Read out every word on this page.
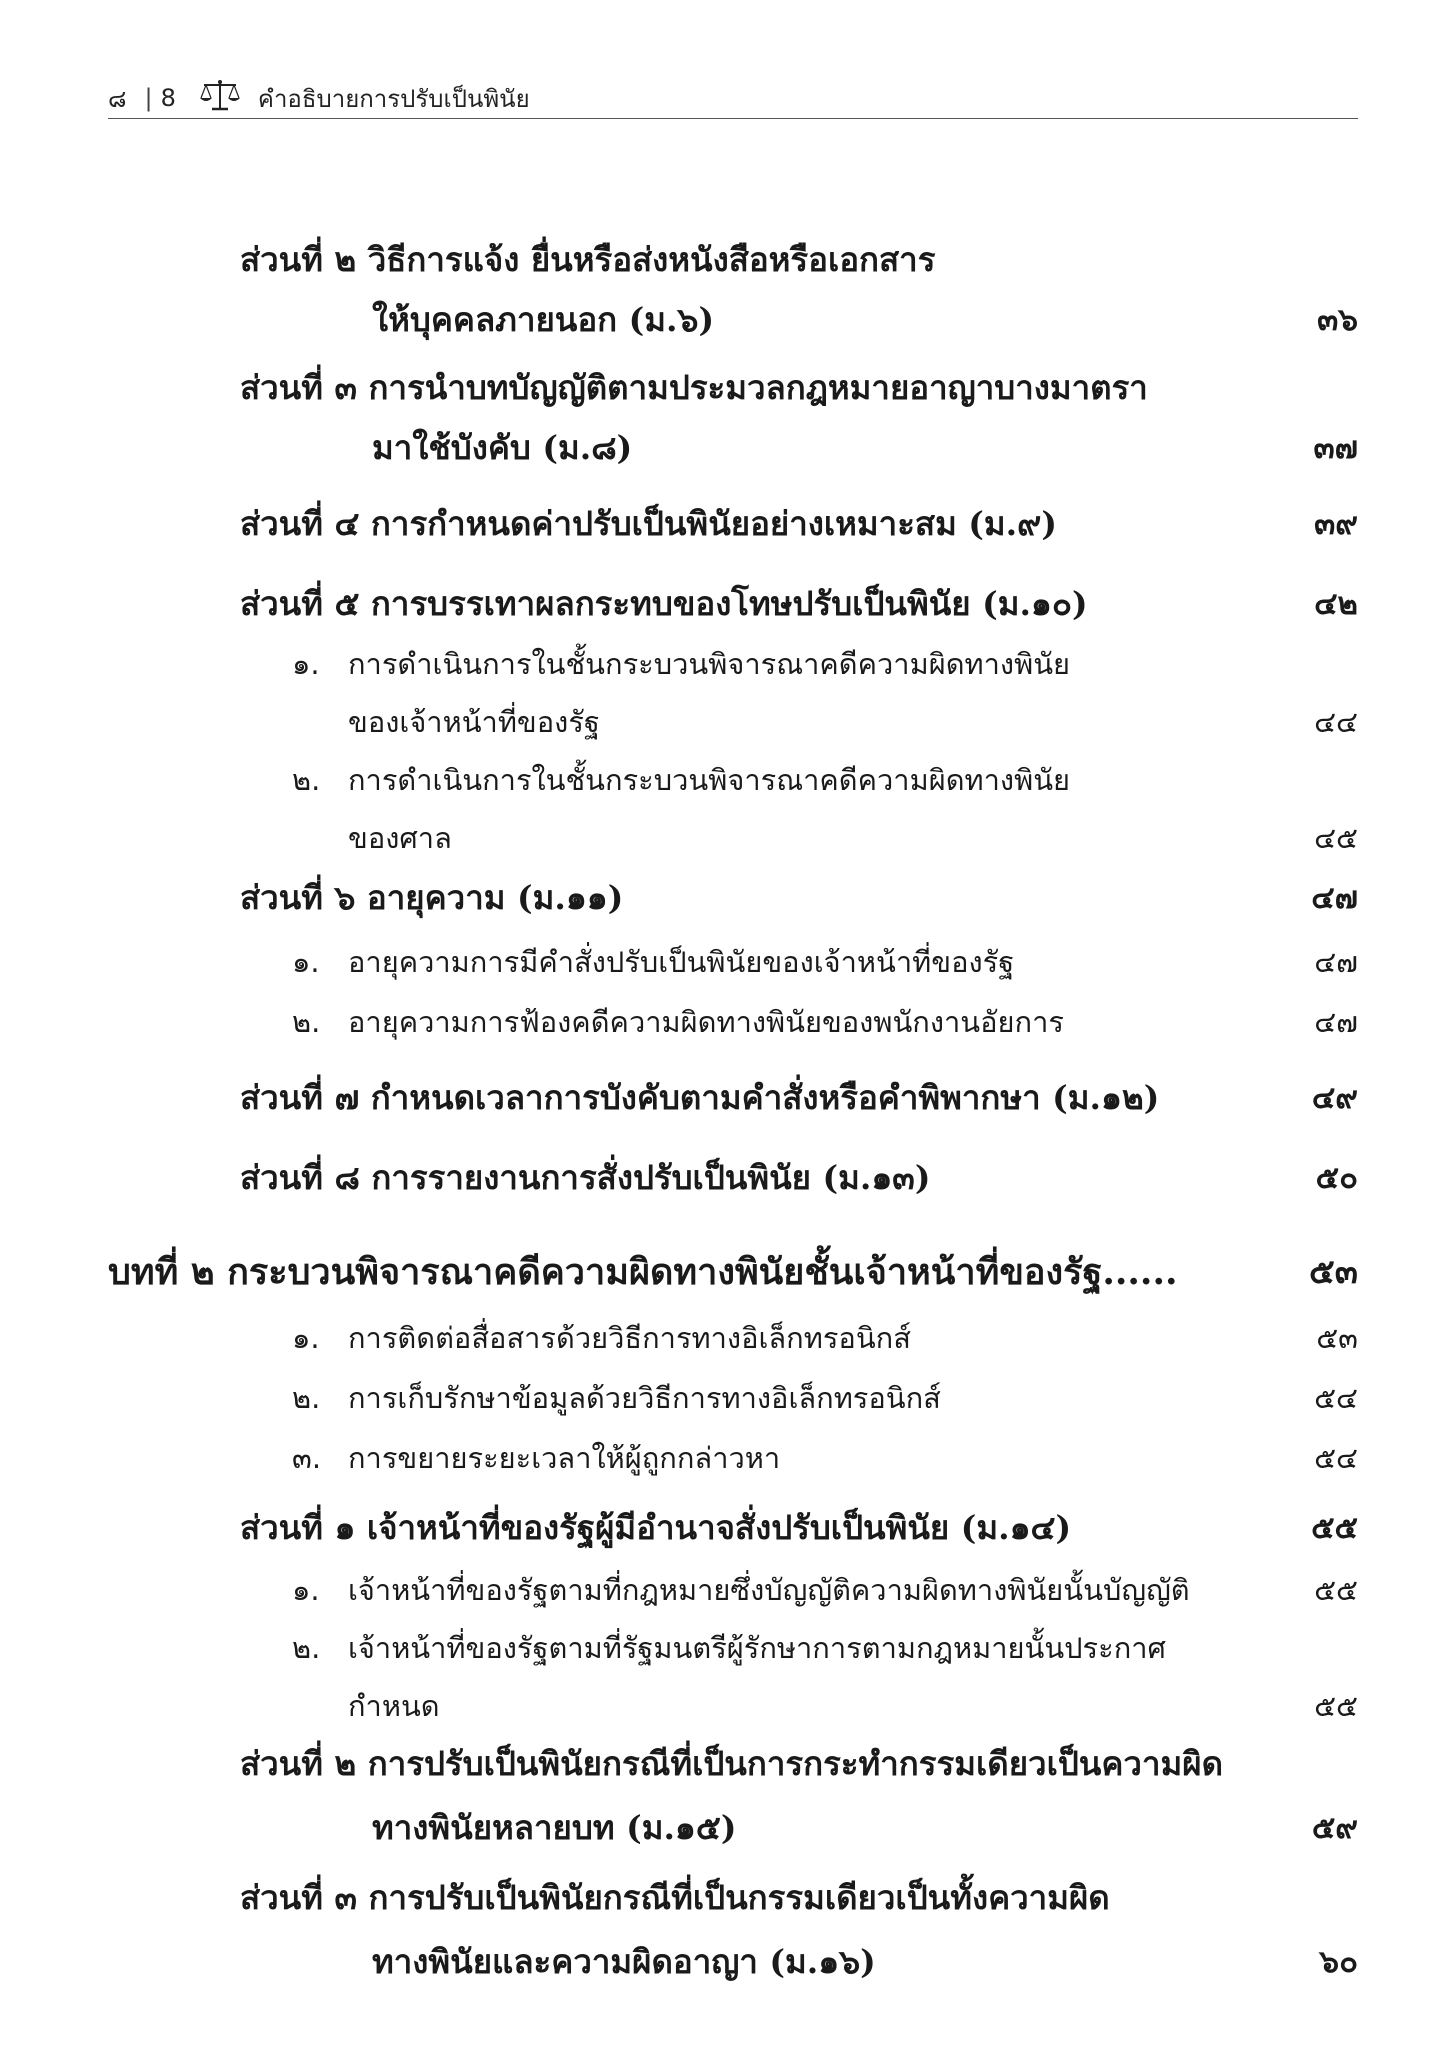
๘ | 8	คำอธิบายการปรับเป็นพินัย
ส่วนที่ ๒ วิธีการแจ้ง ยื่นหรือส่งหนังสือหรือเอกสาร
ให้บุคคลภายนอก (ม.๖)	๓๖
ส่วนที่ ๓ การนำบทบัญญัติตามประมวลกฎหมายอาญาบางมาตรา
มาใช้บังคับ (ม.๘)	๓๗
ส่วนที่ ๔ การกำหนดค่าปรับเป็นพินัยอย่างเหมาะสม (ม.๙)	๓๙
ส่วนที่ ๕ การบรรเทาผลกระทบของโทษปรับเป็นพินัย (ม.๑๐)	๔๒
๑. การดำเนินการในชั้นกระบวนพิจารณาคดีความผิดทางพินัย
ของเจ้าหน้าที่ของรัฐ	๔๔
๒. การดำเนินการในชั้นกระบวนพิจารณาคดีความผิดทางพินัย
ของศาล	๔๕
ส่วนที่ ๖ อายุความ (ม.๑๑)	๔๗
๑. อายุความการมีคำสั่งปรับเป็นพินัยของเจ้าหน้าที่ของรัฐ	๔๗
๒. อายุความการฟ้องคดีความผิดทางพินัยของพนักงานอัยการ	๔๗
ส่วนที่ ๗ กำหนดเวลาการบังคับตามคำสั่งหรือคำพิพากษา (ม.๑๒)	๔๙
ส่วนที่ ๘ การรายงานการสั่งปรับเป็นพินัย (ม.๑๓)	๕๐
บทที่ ๒ กระบวนพิจารณาคดีความผิดทางพินัยชั้นเจ้าหน้าที่ของรัฐ......	๕๓
๑. การติดต่อสื่อสารด้วยวิธีการทางอิเล็กทรอนิกส์	๕๓
๒. การเก็บรักษาข้อมูลด้วยวิธีการทางอิเล็กทรอนิกส์	๕๔
๓. การขยายระยะเวลาให้ผู้ถูกกล่าวหา	๕๔
ส่วนที่ ๑ เจ้าหน้าที่ของรัฐผู้มีอำนาจสั่งปรับเป็นพินัย (ม.๑๔)	๕๕
๑. เจ้าหน้าที่ของรัฐตามที่กฎหมายซึ่งบัญญัติความผิดทางพินัยนั้นบัญญัติ	๕๕
๒. เจ้าหน้าที่ของรัฐตามที่รัฐมนตรีผู้รักษาการตามกฎหมายนั้นประกาศ
กำหนด	๕๕
ส่วนที่ ๒ การปรับเป็นพินัยกรณีที่เป็นการกระทำกรรมเดียวเป็นความผิด
ทางพินัยหลายบท (ม.๑๕)	๕๙
ส่วนที่ ๓ การปรับเป็นพินัยกรณีที่เป็นกรรมเดียวเป็นทั้งความผิด
ทางพินัยและความผิดอาญา (ม.๑๖)	๖๐
